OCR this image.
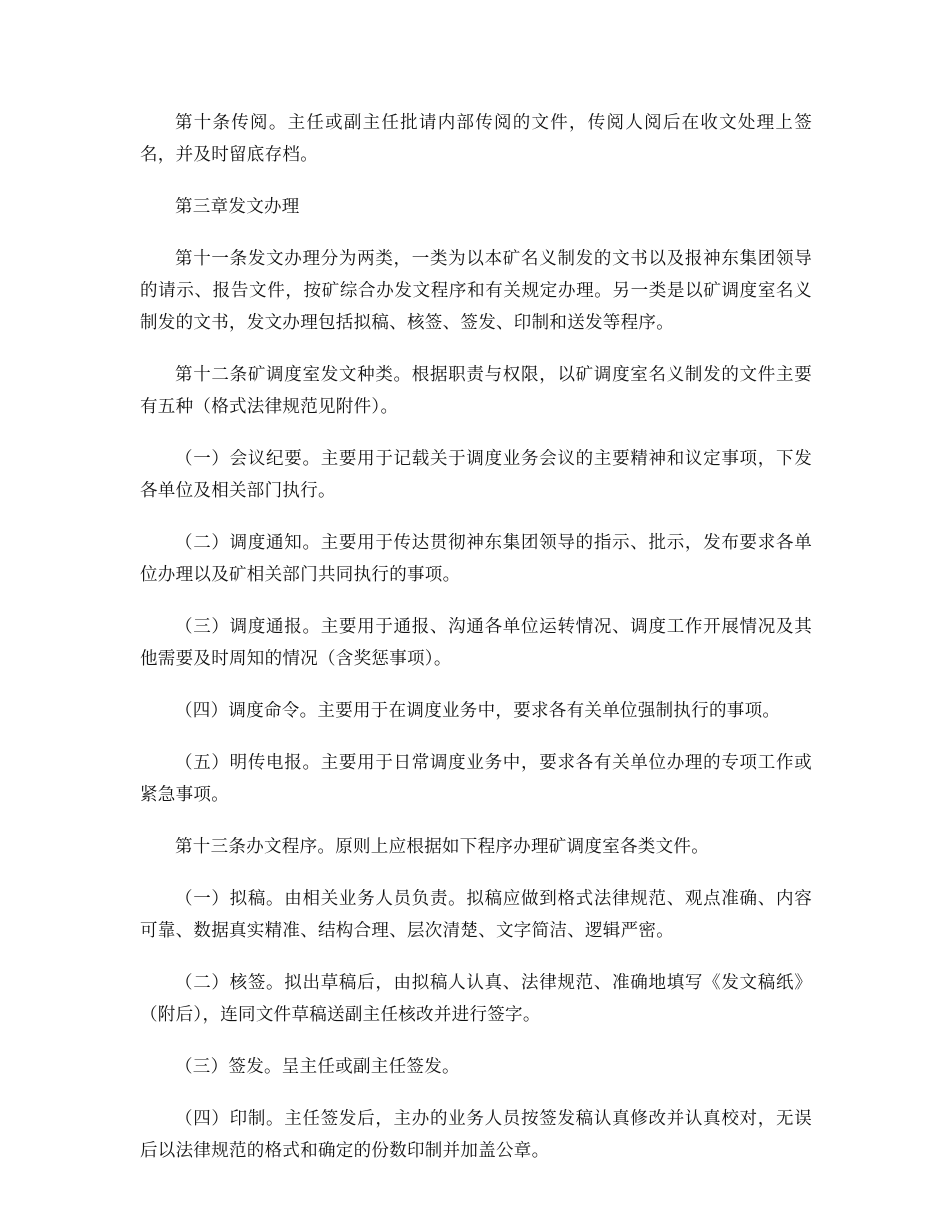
第十条传阅。主任或副主任批请内部传阅的文件，传阅人阅后在收文处理上签名，并及时留底存档。

第三章发文办理

第十一条发文办理分为两类，一类为以本矿名义制发的文书以及报神东集团领导的请示、报告文件，按矿综合办发文程序和有关规定办理。另一类是以矿调度室名义制发的文书，发文办理包括拟稿、核签、签发、印制和送发等程序。

第十二条矿调度室发文种类。根据职责与权限，以矿调度室名义制发的文件主要有五种（格式法律规范见附件）。

（一）会议纪要。主要用于记载关于调度业务会议的主要精神和议定事项，下发各单位及相关部门执行。

（二）调度通知。主要用于传达贯彻神东集团领导的指示、批示，发布要求各单位办理以及矿相关部门共同执行的事项。

（三）调度通报。主要用于通报、沟通各单位运转情况、调度工作开展情况及其他需要及时周知的情况（含奖惩事项）。

（四）调度命令。主要用于在调度业务中，要求各有关单位强制执行的事项。

（五）明传电报。主要用于日常调度业务中，要求各有关单位办理的专项工作或紧急事项。

第十三条办文程序。原则上应根据如下程序办理矿调度室各类文件。

（一）拟稿。由相关业务人员负责。拟稿应做到格式法律规范、观点准确、内容可靠、数据真实精准、结构合理、层次清楚、文字简洁、逻辑严密。

（二）核签。拟出草稿后，由拟稿人认真、法律规范、准确地填写《发文稿纸》（附后），连同文件草稿送副主任核改并进行签字。

（三）签发。呈主任或副主任签发。

（四）印制。主任签发后，主办的业务人员按签发稿认真修改并认真校对，无误后以法律规范的格式和确定的份数印制并加盖公章。
